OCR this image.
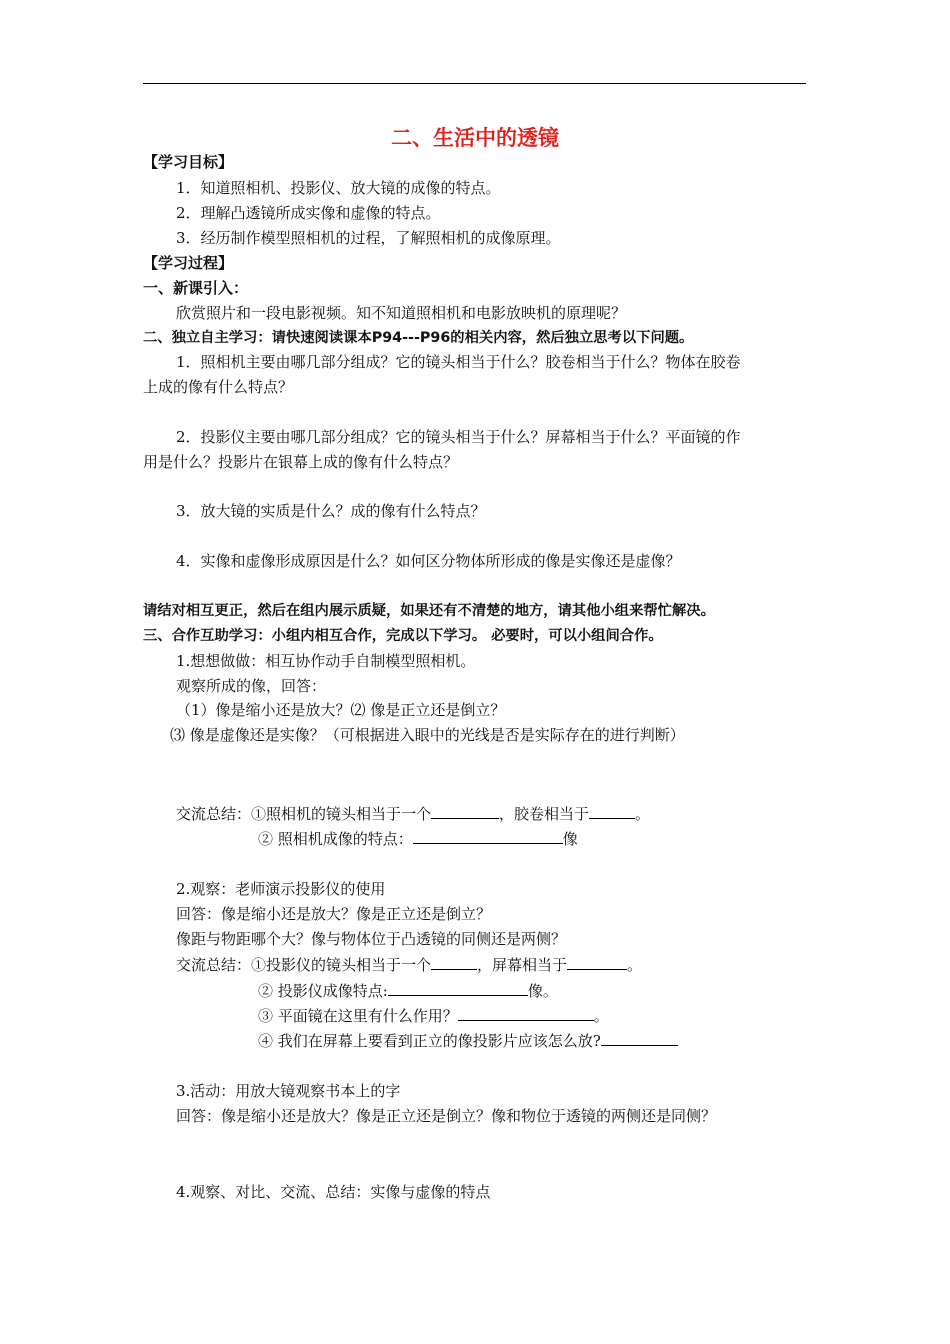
二、生活中的透镜
【学习目标】
1．知道照相机、投影仪、放大镜的成像的特点。
2．理解凸透镜所成实像和虚像的特点。
3．经历制作模型照相机的过程，了解照相机的成像原理。
【学习过程】
一、新课引入：
欣赏照片和一段电影视频。知不知道照相机和电影放映机的原理呢？
二、独立自主学习：请快速阅读课本P94---P96的相关内容，然后独立思考以下问题。
1．照相机主要由哪几部分组成？它的镜头相当于什么？胶卷相当于什么？物体在胶卷
上成的像有什么特点？
2．投影仪主要由哪几部分组成？它的镜头相当于什么？屏幕相当于什么？平面镜的作
用是什么？投影片在银幕上成的像有什么特点？
3．放大镜的实质是什么？成的像有什么特点？
4．实像和虚像形成原因是什么？如何区分物体所形成的像是实像还是虚像？
请结对相互更正，然后在组内展示质疑，如果还有不清楚的地方，请其他小组来帮忙解决。
三、合作互助学习：小组内相互合作，完成以下学习。 必要时，可以小组间合作。
1.想想做做：相互协作动手自制模型照相机。
观察所成的像，回答：
（1）像是缩小还是放大？⑵ 像是正立还是倒立？
⑶ 像是虚像还是实像？（可根据进入眼中的光线是否是实际存在的进行判断）
交流总结：①照相机的镜头相当于一个	，胶卷相当于	。
② 照相机成像的特点：	像
2.观察：老师演示投影仪的使用
回答：像是缩小还是放大？像是正立还是倒立？
像距与物距哪个大？像与物体位于凸透镜的同侧还是两侧？
交流总结：①投影仪的镜头相当于一个	，屏幕相当于	。
② 投影仪成像特点:	像。
③ 平面镜在这里有什么作用？	。
④ 我们在屏幕上要看到正立的像投影片应该怎么放?
3.活动：用放大镜观察书本上的字
回答：像是缩小还是放大？像是正立还是倒立？像和物位于透镜的两侧还是同侧？
4.观察、对比、交流、总结：实像与虚像的特点
